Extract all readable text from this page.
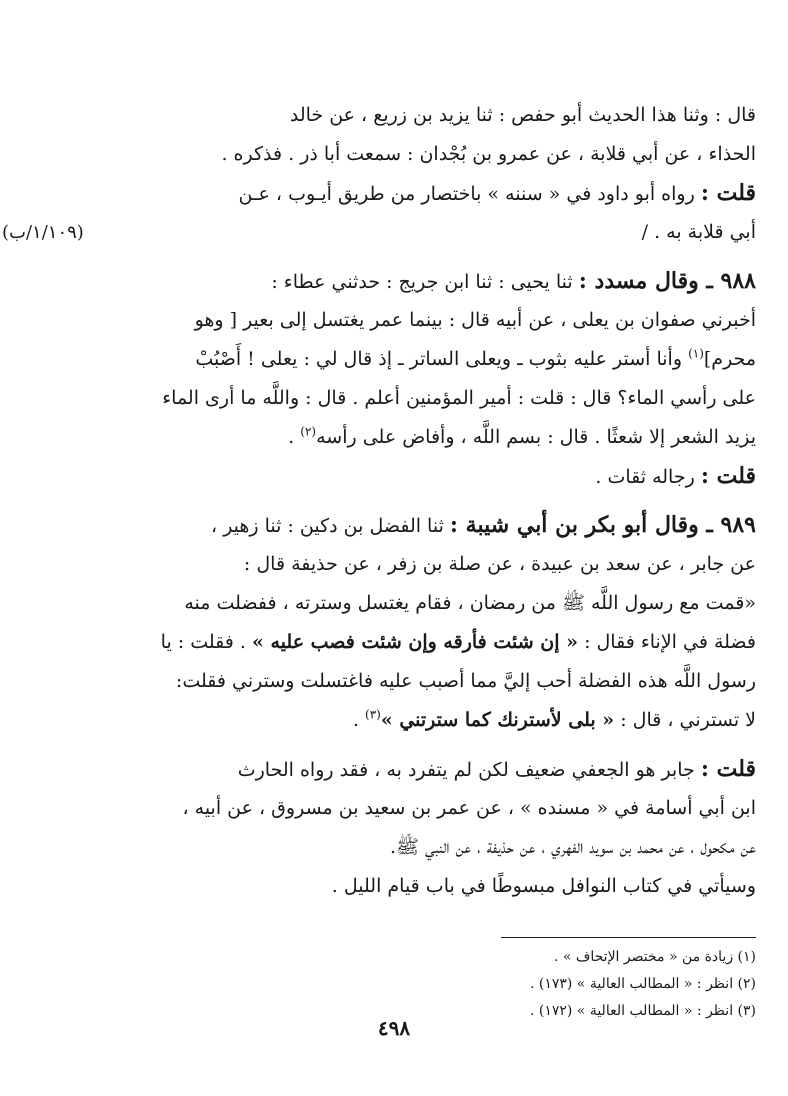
قال : وثنا هذا الحديث أبو حفص : ثنا يزيد بن زريع ، عن خالد
الحذاء ، عن أبي قلابة ، عن عمرو بن بُجْدان : سمعت أبا ذر . فذكره .
قلت : رواه أبو داود في « سننه » باختصار من طريق أيـوب ، عـن
أبي قلابة به . /
(١/١٠٩/ب)
٩٨٨ ـ وقال مسدد : ثنا يحيى : ثنا ابن جريج : حدثني عطاء :
أخبرني صفوان بن يعلى ، عن أبيه قال : بينما عمر يغتسل إلى بعير [ وهو
محرم]$^{(١)}$ وأنا أستر عليه بثوب ـ ويعلى الساتر ـ إذ قال لي : يعلى ! أَصْبُبْ
على رأسي الماء؟ قال : قلت : أمير المؤمنين أعلم . قال : واللَّه ما أرى الماء
يزيد الشعر إلا شعثًا . قال : بسم اللَّه ، وأفاض على رأسه$^{(٢)}$ .
قلت : رجاله ثقات .
٩٨٩ ـ وقال أبو بكر بن أبي شيبة : ثنا الفضل بن دكين : ثنا زهير ،
عن جابر ، عن سعد بن عبيدة ، عن صلة بن زفر ، عن حذيفة قال :
«قمت مع رسول اللَّه ﷺ من رمضان ، فقام يغتسل وسترته ، ففضلت منه
فضلة في الإناء فقال : « إن شئت فأرقه وإن شئت فصب عليه » . فقلت : يا
رسول اللَّه هذه الفضلة أحب إليَّ مما أصبب عليه فاغتسلت وسترني فقلت:
لا تسترني ، قال : « بلى لأسترنك كما سترتني »$^{(٣)}$ .
قلت : جابر هو الجعفي ضعيف لكن لم يتفرد به ، فقد رواه الحارث
ابن أبي أسامة في « مسنده » ، عن عمر بن سعيد بن مسروق ، عن أبيه ،
عن مكحول ، عن محمد بن سويد الفهري ، عن حذيفة ، عن النبي ﷺ.
وسيأتي في كتاب النوافل مبسوطًا في باب قيام الليل .
(١) زيادة من « مختصر الإتحاف » .
(٢) انظر : « المطالب العالية » (١٧٣) .
(٣) انظر : « المطالب العالية » (١٧٢) .
٤٩٨
